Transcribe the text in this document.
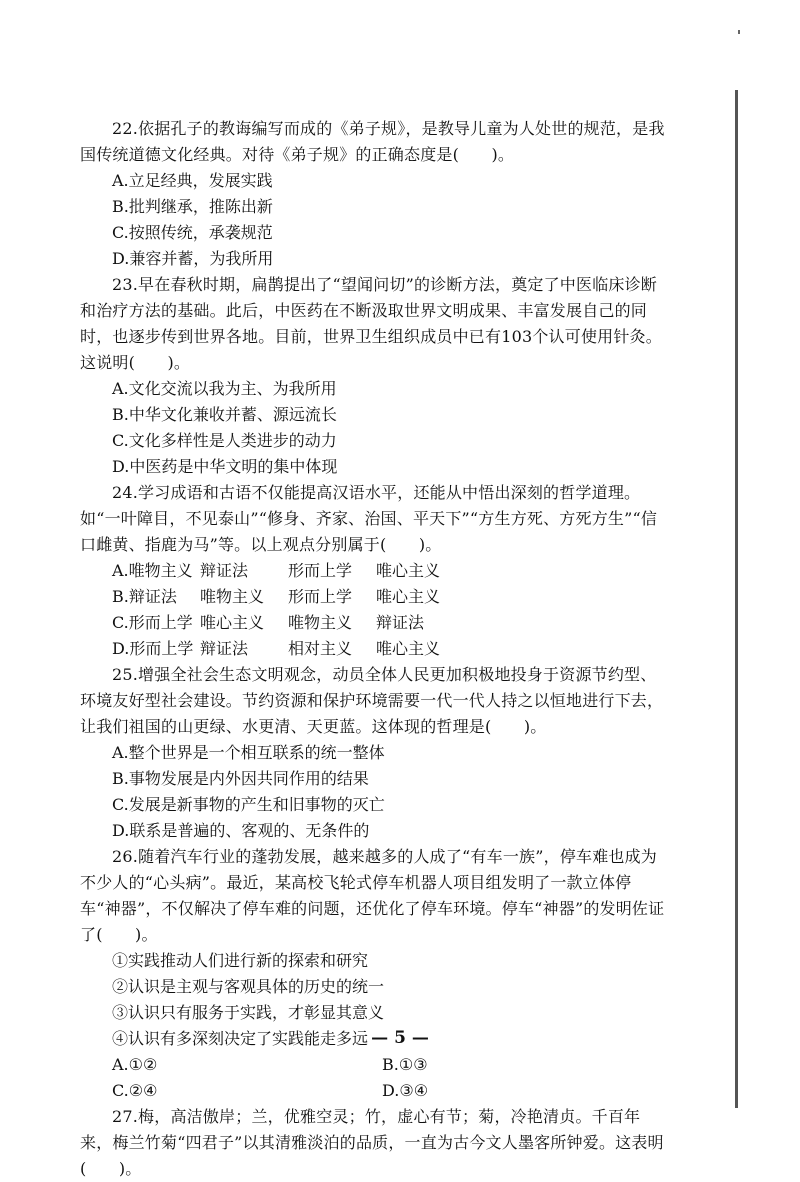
22.依据孔子的教诲编写而成的《弟子规》，是教导儿童为人处世的规范，是我国传统道德文化经典。对待《弟子规》的正确态度是(　　)。

A.立足经典，发展实践

B.批判继承，推陈出新

C.按照传统，承袭规范

D.兼容并蓄，为我所用

23.早在春秋时期，扁鹊提出了“望闻问切”的诊断方法，奠定了中医临床诊断和治疗方法的基础。此后，中医药在不断汲取世界文明成果、丰富发展自己的同时，也逐步传到世界各地。目前，世界卫生组织成员中已有103个认可使用针灸。这说明(　　)。

A.文化交流以我为主、为我所用

B.中华文化兼收并蓄、源远流长

C.文化多样性是人类进步的动力

D.中医药是中华文明的集中体现

24.学习成语和古语不仅能提高汉语水平，还能从中悟出深刻的哲学道理。如“一叶障目，不见泰山”“修身、齐家、治国、平天下”“方生方死、方死方生”“信口雌黄、指鹿为马”等。以上观点分别属于(　　)。

A.唯物主义 辩证法 形而上学 唯心主义

B.辩证法 唯物主义 形而上学 唯心主义

C.形而上学 唯心主义 唯物主义 辩证法

D.形而上学 辩证法 相对主义 唯心主义

25.增强全社会生态文明观念，动员全体人民更加积极地投身于资源节约型、环境友好型社会建设。节约资源和保护环境需要一代一代人持之以恒地进行下去，让我们祖国的山更绿、水更清、天更蓝。这体现的哲理是(　　)。

A.整个世界是一个相互联系的统一整体

B.事物发展是内外因共同作用的结果

C.发展是新事物的产生和旧事物的灭亡

D.联系是普遍的、客观的、无条件的

26.随着汽车行业的蓬勃发展，越来越多的人成了“有车一族”，停车难也成为不少人的“心头病”。最近，某高校飞轮式停车机器人项目组发明了一款立体停车“神器”，不仅解决了停车难的问题，还优化了停车环境。停车“神器”的发明佐证了(　　)。

①实践推动人们进行新的探索和研究

②认识是主观与客观具体的历史的统一

③认识只有服务于实践，才彰显其意义

④认识有多深刻决定了实践能走多远

A.①②	B.①③

C.②④	D.③④

27.梅，高洁傲岸；兰，优雅空灵；竹，虚心有节；菊，冷艳清贞。千百年来，梅兰竹菊“四君子”以其清雅淡泊的品质，一直为古今文人墨客所钟爱。这表明(　　)。

— 5 —
